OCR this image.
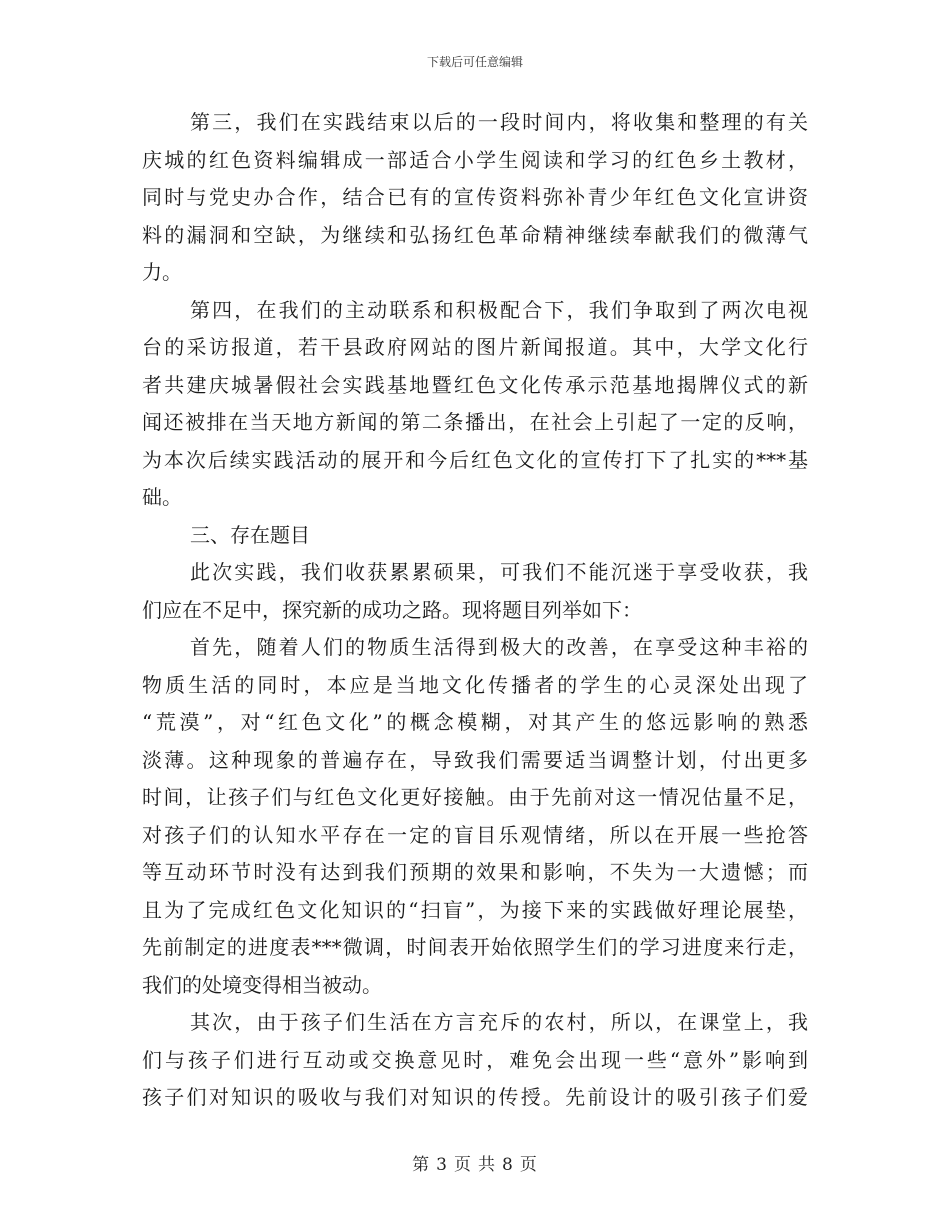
下载后可任意编辑
第三，我们在实践结束以后的一段时间内，将收集和整理的有关
庆城的红色资料编辑成一部适合小学生阅读和学习的红色乡土教材，
同时与党史办合作，结合已有的宣传资料弥补青少年红色文化宣讲资
料的漏洞和空缺，为继续和弘扬红色革命精神继续奉献我们的微薄气
力。
第四，在我们的主动联系和积极配合下，我们争取到了两次电视
台的采访报道，若干县政府网站的图片新闻报道。其中，大学文化行
者共建庆城暑假社会实践基地暨红色文化传承示范基地揭牌仪式的新
闻还被排在当天地方新闻的第二条播出，在社会上引起了一定的反响，
为本次后续实践活动的展开和今后红色文化的宣传打下了扎实的***基
础。
三、存在题目
此次实践，我们收获累累硕果，可我们不能沉迷于享受收获，我
们应在不足中，探究新的成功之路。现将题目列举如下：
首先，随着人们的物质生活得到极大的改善，在享受这种丰裕的
物质生活的同时，本应是当地文化传播者的学生的心灵深处出现了
“荒漠”，对“红色文化”的概念模糊，对其产生的悠远影响的熟悉
淡薄。这种现象的普遍存在，导致我们需要适当调整计划，付出更多
时间，让孩子们与红色文化更好接触。由于先前对这一情况估量不足，
对孩子们的认知水平存在一定的盲目乐观情绪，所以在开展一些抢答
等互动环节时没有达到我们预期的效果和影响，不失为一大遗憾；而
且为了完成红色文化知识的“扫盲”，为接下来的实践做好理论展垫，
先前制定的进度表***微调，时间表开始依照学生们的学习进度来行走，
我们的处境变得相当被动。
其次，由于孩子们生活在方言充斥的农村，所以，在课堂上，我
们与孩子们进行互动或交换意见时，难免会出现一些“意外”影响到
孩子们对知识的吸收与我们对知识的传授。先前设计的吸引孩子们爱
第 3 页 共 8 页
